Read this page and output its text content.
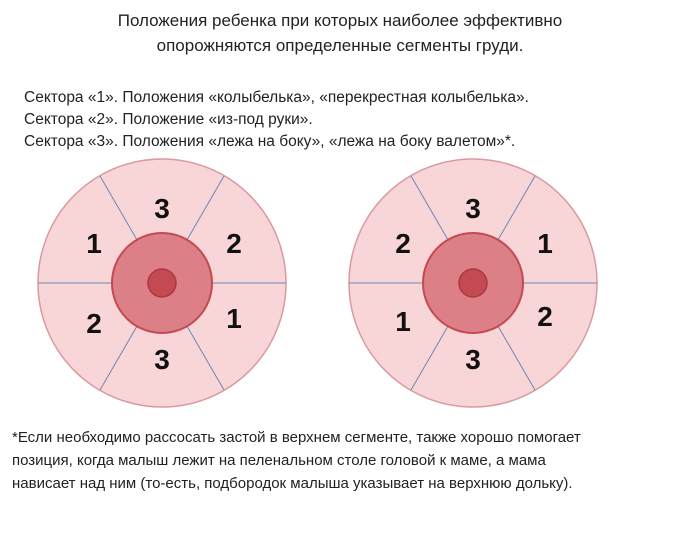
Положения ребенка при которых наиболее эффективно
опорожняются определенные сегменты груди.
Сектора «1». Положения «колыбелька», «перекрестная колыбелька».
Сектора «2». Положение «из-под руки».
Сектора «3». Положения «лежа на боку», «лежа на боку валетом»*.
3
1	2
2	1
3
3
2	1
1	2
3
*Если необходимо рассосать застой в верхнем сегменте, также хорошо помогает
позиция, когда малыш лежит на пеленальном столе головой к маме, а мама
нависает над ним (то-есть, подбородок малыша указывает на верхнюю дольку).
